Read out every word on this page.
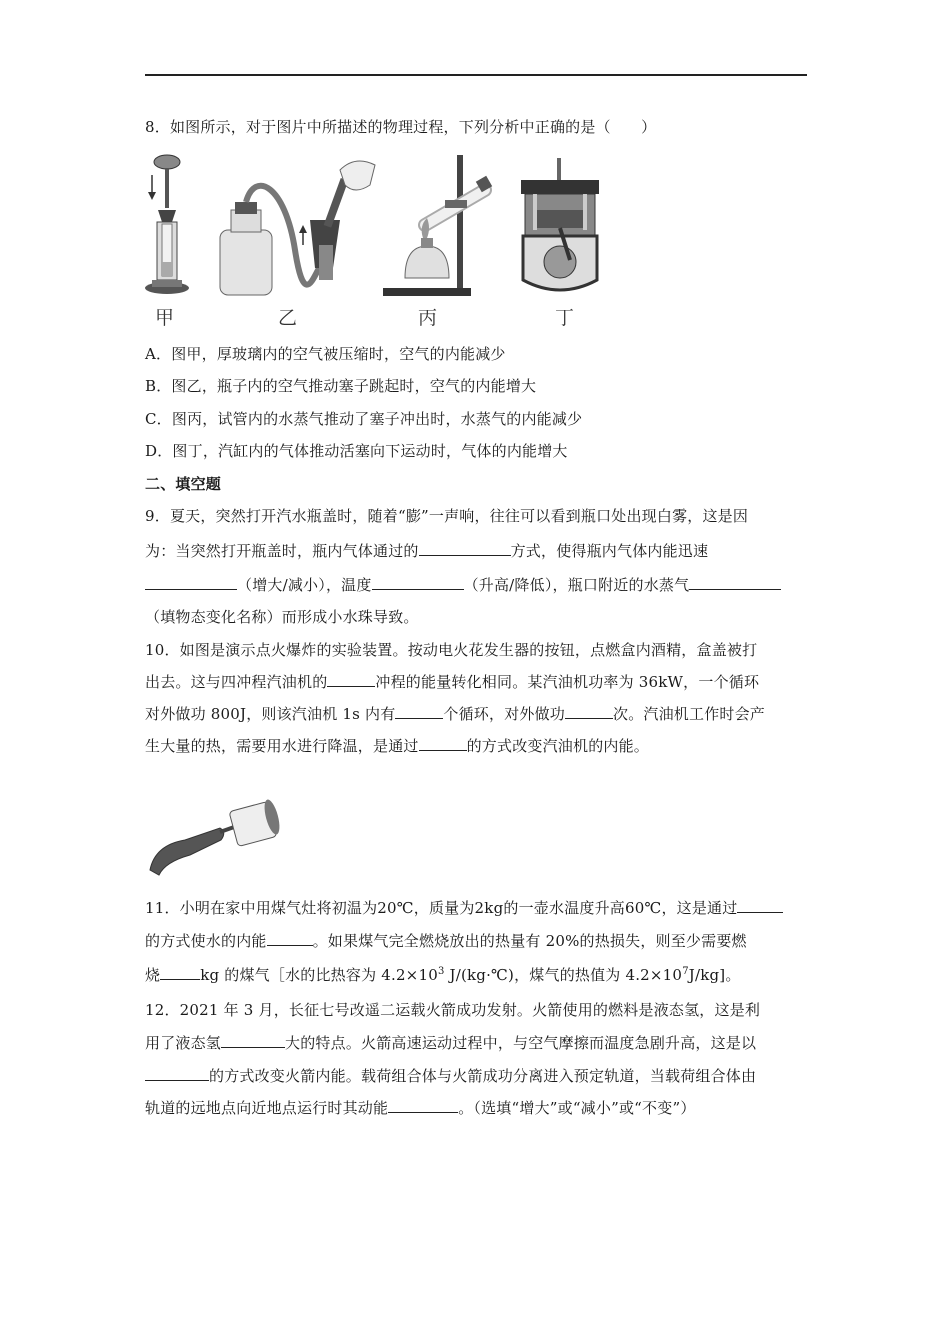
8．如图所示，对于图片中所描述的物理过程，下列分析中正确的是（　　）
甲	乙	丙	丁
A．图甲，厚玻璃内的空气被压缩时，空气的内能减少
B．图乙，瓶子内的空气推动塞子跳起时，空气的内能增大
C．图丙，试管内的水蒸气推动了塞子冲出时，水蒸气的内能减少
D．图丁，汽缸内的气体推动活塞向下运动时，气体的内能增大
二、填空题
9．夏天，突然打开汽水瓶盖时，随着“膨”一声响，往往可以看到瓶口处出现白雾，这是因
为：当突然打开瓶盖时，瓶内气体通过的	方式，使得瓶内气体内能迅速
（增大/减小），温度	（升高/降低），瓶口附近的水蒸气
（填物态变化名称）而形成小水珠导致。
10．如图是演示点火爆炸的实验装置。按动电火花发生器的按钮，点燃盒内酒精，盒盖被打
出去。这与四冲程汽油机的	冲程的能量转化相同。某汽油机功率为 36kW，一个循环
对外做功 800J，则该汽油机 1s 内有	个循环，对外做功	次。汽油机工作时会产
生大量的热，需要用水进行降温，是通过	的方式改变汽油机的内能。
11．小明在家中用煤气灶将初温为20℃，质量为2kg的一壶水温度升高60℃，这是通过
的方式使水的内能	。如果煤气完全燃烧放出的热量有 20%的热损失，则至少需要燃
烧	kg 的煤气［水的比热容为 $4.2\times 10^3$ J/(kg·℃)，煤气的热值为 $4.2\times 10^7J/kg$]。
12．2021 年 3 月，长征七号改遥二运载火箭成功发射。火箭使用的燃料是液态氢，这是利
用了液态氢	大的特点。火箭高速运动过程中，与空气摩擦而温度急剧升高，这是以
的方式改变火箭内能。载荷组合体与火箭成功分离进入预定轨道，当载荷组合体由
轨道的远地点向近地点运行时其动能	。（选填“增大”或“减小”或“不变”）
